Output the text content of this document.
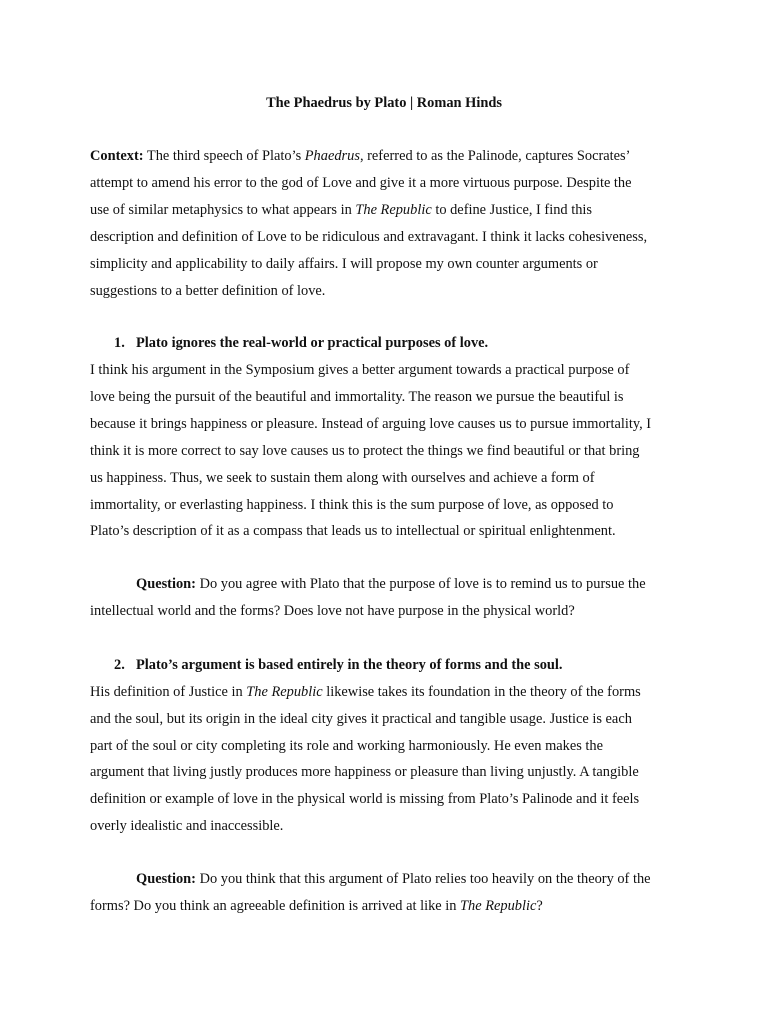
The Phaedrus by Plato | Roman Hinds
Context: The third speech of Plato’s Phaedrus, referred to as the Palinode, captures Socrates’
attempt to amend his error to the god of Love and give it a more virtuous purpose. Despite the
use of similar metaphysics to what appears in The Republic to define Justice, I find this
description and definition of Love to be ridiculous and extravagant. I think it lacks cohesiveness,
simplicity and applicability to daily affairs. I will propose my own counter arguments or
suggestions to a better definition of love.
1. Plato ignores the real-world or practical purposes of love.
I think his argument in the Symposium gives a better argument towards a practical purpose of
love being the pursuit of the beautiful and immortality. The reason we pursue the beautiful is
because it brings happiness or pleasure. Instead of arguing love causes us to pursue immortality, I
think it is more correct to say love causes us to protect the things we find beautiful or that bring
us happiness. Thus, we seek to sustain them along with ourselves and achieve a form of
immortality, or everlasting happiness. I think this is the sum purpose of love, as opposed to
Plato’s description of it as a compass that leads us to intellectual or spiritual enlightenment.
Question: Do you agree with Plato that the purpose of love is to remind us to pursue the
intellectual world and the forms? Does love not have purpose in the physical world?
2. Plato’s argument is based entirely in the theory of forms and the soul.
His definition of Justice in The Republic likewise takes its foundation in the theory of the forms
and the soul, but its origin in the ideal city gives it practical and tangible usage. Justice is each
part of the soul or city completing its role and working harmoniously. He even makes the
argument that living justly produces more happiness or pleasure than living unjustly. A tangible
definition or example of love in the physical world is missing from Plato’s Palinode and it feels
overly idealistic and inaccessible.
Question: Do you think that this argument of Plato relies too heavily on the theory of the
forms? Do you think an agreeable definition is arrived at like in The Republic?
